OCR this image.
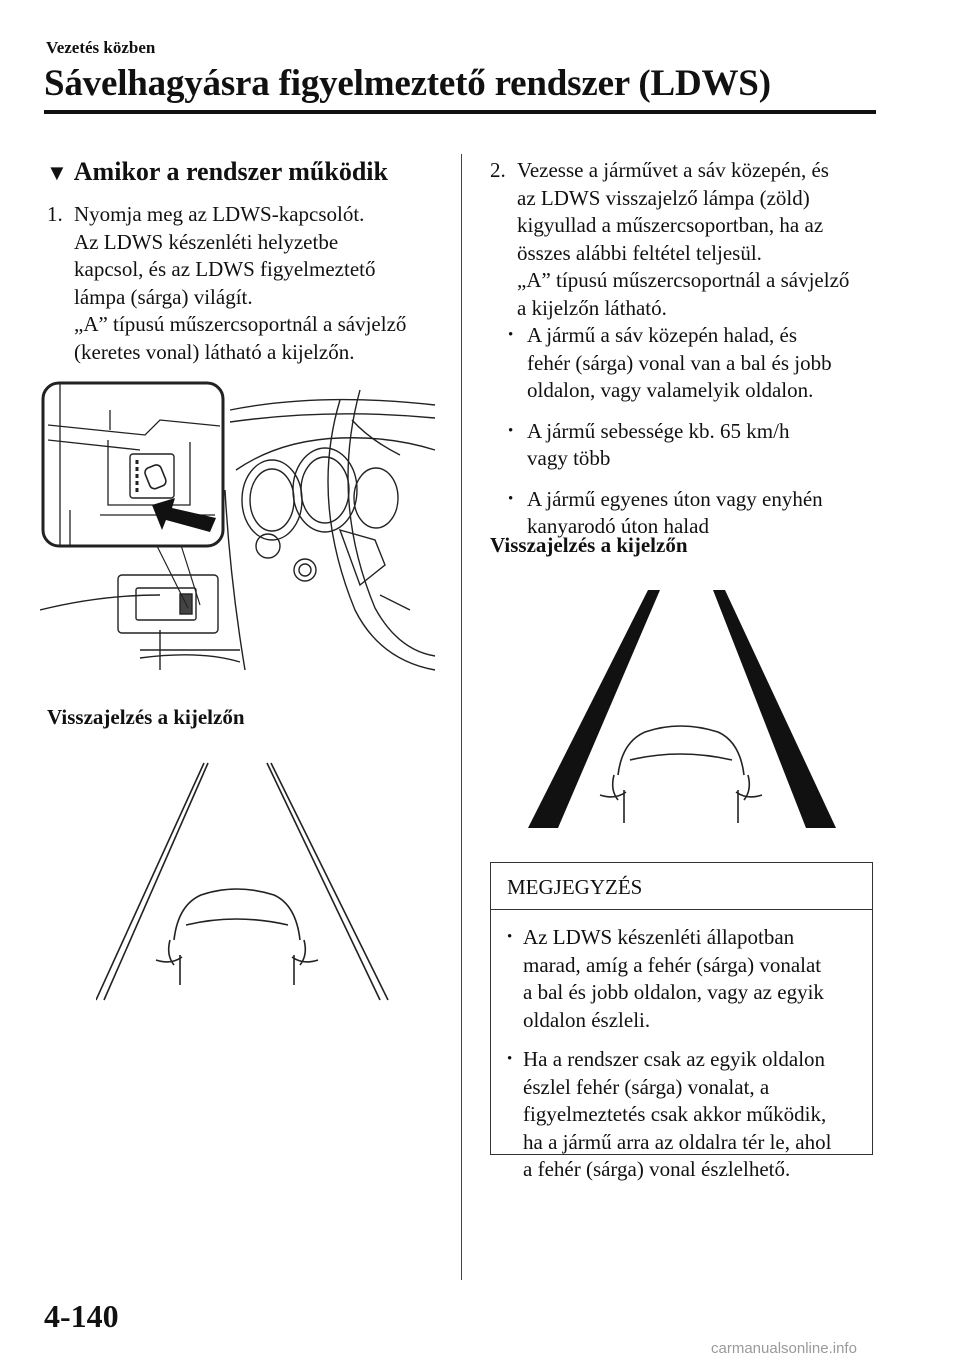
Vezetés közben
Sávelhagyásra figyelmeztető rendszer (LDWS)
▼ Amikor a rendszer működik
1. Nyomja meg az LDWS-kapcsolót.

Az LDWS készenléti helyzetbe

kapcsol, és az LDWS figyelmeztető

lámpa (sárga) világít.

„A” típusú műszercsoportnál a sávjelző

(keretes vonal) látható a kijelzőn.

Visszajelzés a kijelzőn
2. Vezesse a járművet a sáv közepén, és

az LDWS visszajelző lámpa (zöld)

kigyullad a műszercsoportban, ha az

összes alábbi feltétel teljesül.

„A” típusú műszercsoportnál a sávjelző

a kijelzőn látható.

• A jármű a sáv közepén halad, és
fehér (sárga) vonal van a bal és jobb
oldalon, vagy valamelyik oldalon.
• A jármű sebessége kb. 65 km/h
vagy több
• A jármű egyenes úton vagy enyhén
kanyarodó úton halad
Visszajelzés a kijelzőn
MEGJEGYZÉS
• Az LDWS készenléti állapotban
marad, amíg a fehér (sárga) vonalat
a bal és jobb oldalon, vagy az egyik
oldalon észleli.
• Ha a rendszer csak az egyik oldalon
észlel fehér (sárga) vonalat, a
figyelmeztetés csak akkor működik,
ha a jármű arra az oldalra tér le, ahol
a fehér (sárga) vonal észlelhető.
4-140
carmanualsonline.info
